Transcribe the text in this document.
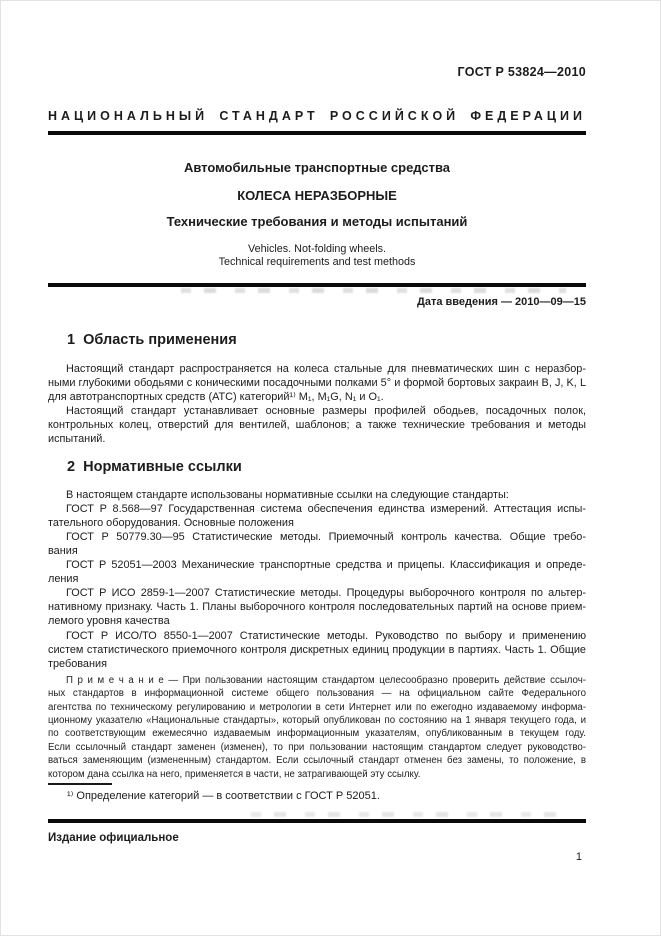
ГОСТ Р 53824—2010
НАЦИОНАЛЬНЫЙ СТАНДАРТ РОССИЙСКОЙ ФЕДЕРАЦИИ
Автомобильные транспортные средства
КОЛЕСА НЕРАЗБОРНЫЕ
Технические требования и методы испытаний
Vehicles. Not-folding wheels.
Technical requirements and test methods
Дата введения — 2010—09—15
1  Область применения
Настоящий стандарт распространяется на колеса стальные для пневматических шин с неразбор-
ными глубокими ободьями с коническими посадочными полками 5° и формой бортовых закраин B, J, K, L
для автотранспортных средств (АТС) категорий¹⁾ M₁, M₁G, N₁ и O₁.
Настоящий стандарт устанавливает основные размеры профилей ободьев, посадочных полок,
контрольных колец, отверстий для вентилей, шаблонов; а также технические требования и методы
испытаний.
2  Нормативные ссылки
В настоящем стандарте использованы нормативные ссылки на следующие стандарты:
ГОСТ Р 8.568—97 Государственная система обеспечения единства измерений. Аттестация испы-
тательного оборудования. Основные положения
ГОСТ Р 50779.30—95 Статистические методы. Приемочный контроль качества. Общие требо-
вания
ГОСТ Р 52051—2003 Механические транспортные средства и прицепы. Классификация и опреде-
ления
ГОСТ Р ИСО 2859-1—2007 Статистические методы. Процедуры выборочного контроля по альтер-
нативному признаку. Часть 1. Планы выборочного контроля последовательных партий на основе прием-
лемого уровня качества
ГОСТ Р ИСО/ТО 8550-1—2007 Статистические методы. Руководство по выбору и применению
систем статистического приемочного контроля дискретных единиц продукции в партиях. Часть 1. Общие
требования
П р и м е ч а н и е — При пользовании настоящим стандартом целесообразно проверить действие ссылоч-
ных стандартов в информационной системе общего пользования — на официальном сайте Федерального
агентства по техническому регулированию и метрологии в сети Интернет или по ежегодно издаваемому информа-
ционному указателю «Национальные стандарты», который опубликован по состоянию на 1 января текущего года, и
по соответствующим ежемесячно издаваемым информационным указателям, опубликованным в текущем году.
Если ссылочный стандарт заменен (изменен), то при пользовании настоящим стандартом следует руководство-
ваться заменяющим (измененным) стандартом. Если ссылочный стандарт отменен без замены, то положение, в
котором дана ссылка на него, применяется в части, не затрагивающей эту ссылку.
¹⁾ Определение категорий — в соответствии с ГОСТ Р 52051.
Издание официальное
1
